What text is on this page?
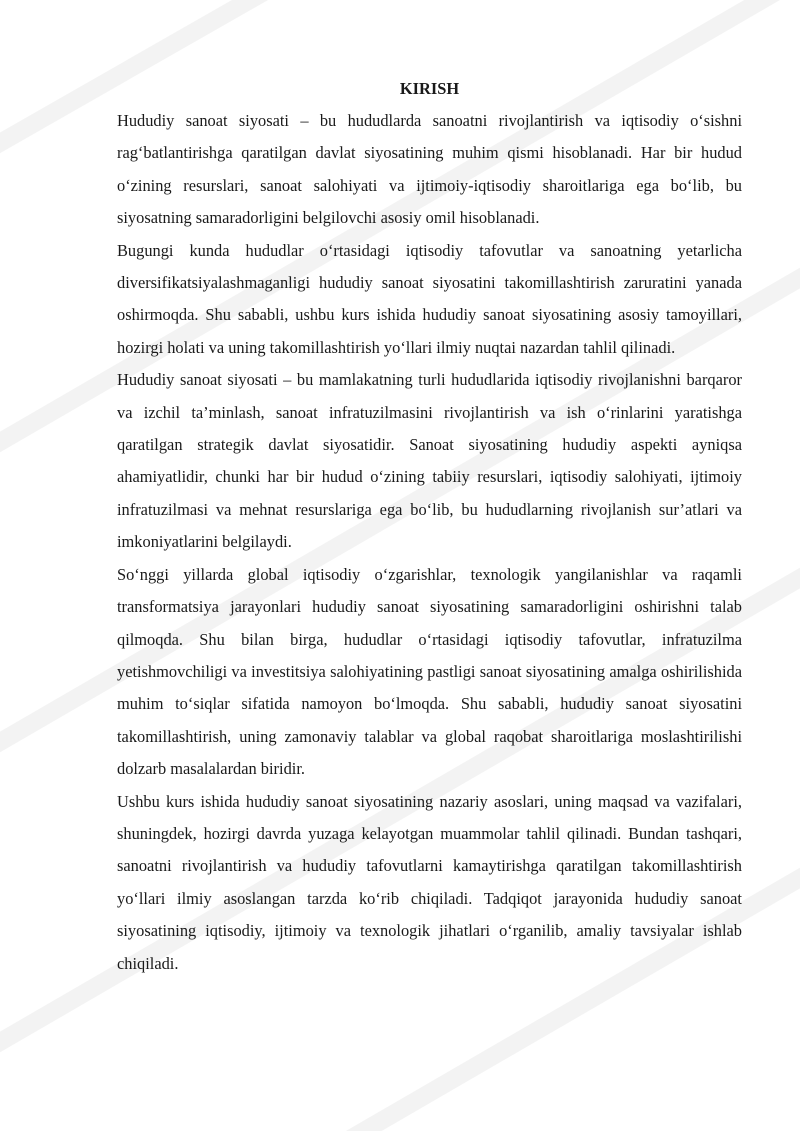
KIRISH

Hududiy sanoat siyosati – bu hududlarda sanoatni rivojlantirish va iqtisodiy o‘sishni rag‘batlantirishga qaratilgan davlat siyosatining muhim qismi hisoblanadi. Har bir hudud o‘zining resurslari, sanoat salohiyati va ijtimoiy-iqtisodiy sharoitlariga ega bo‘lib, bu siyosatning samaradorligini belgilovchi asosiy omil hisoblanadi.

Bugungi kunda hududlar o‘rtasidagi iqtisodiy tafovutlar va sanoatning yetarlicha diversifikatsiyalashmaganligi hududiy sanoat siyosatini takomillashtirish zaruratini yanada oshirmoqda. Shu sababli, ushbu kurs ishida hududiy sanoat siyosatining asosiy tamoyillari, hozirgi holati va uning takomillashtirish yo‘llari ilmiy nuqtai nazardan tahlil qilinadi.

Hududiy sanoat siyosati – bu mamlakatning turli hududlarida iqtisodiy rivojlanishni barqaror va izchil ta’minlash, sanoat infratuzilmasini rivojlantirish va ish o‘rinlarini yaratishga qaratilgan strategik davlat siyosatidir. Sanoat siyosatining hududiy aspekti ayniqsa ahamiyatlidir, chunki har bir hudud o‘zining tabiiy resurslari, iqtisodiy salohiyati, ijtimoiy infratuzilmasi va mehnat resurslariga ega bo‘lib, bu hududlarning rivojlanish sur’atlari va imkoniyatlarini belgilaydi.

So‘nggi yillarda global iqtisodiy o‘zgarishlar, texnologik yangilanishlar va raqamli transformatsiya jarayonlari hududiy sanoat siyosatining samaradorligini oshirishni talab qilmoqda. Shu bilan birga, hududlar o‘rtasidagi iqtisodiy tafovutlar, infratuzilma yetishmovchiligi va investitsiya salohiyatining pastligi sanoat siyosatining amalga oshirilishida muhim to‘siqlar sifatida namoyon bo‘lmoqda. Shu sababli, hududiy sanoat siyosatini takomillashtirish, uning zamonaviy talablar va global raqobat sharoitlariga moslashtirilishi dolzarb masalalardan biridir.

Ushbu kurs ishida hududiy sanoat siyosatining nazariy asoslari, uning maqsad va vazifalari, shuningdek, hozirgi davrda yuzaga kelayotgan muammolar tahlil qilinadi. Bundan tashqari, sanoatni rivojlantirish va hududiy tafovutlarni kamaytirishga qaratilgan takomillashtirish yo‘llari ilmiy asoslangan tarzda ko‘rib chiqiladi. Tadqiqot jarayonida hududiy sanoat siyosatining iqtisodiy, ijtimoiy va texnologik jihatlari o‘rganilib, amaliy tavsiyalar ishlab chiqiladi.
